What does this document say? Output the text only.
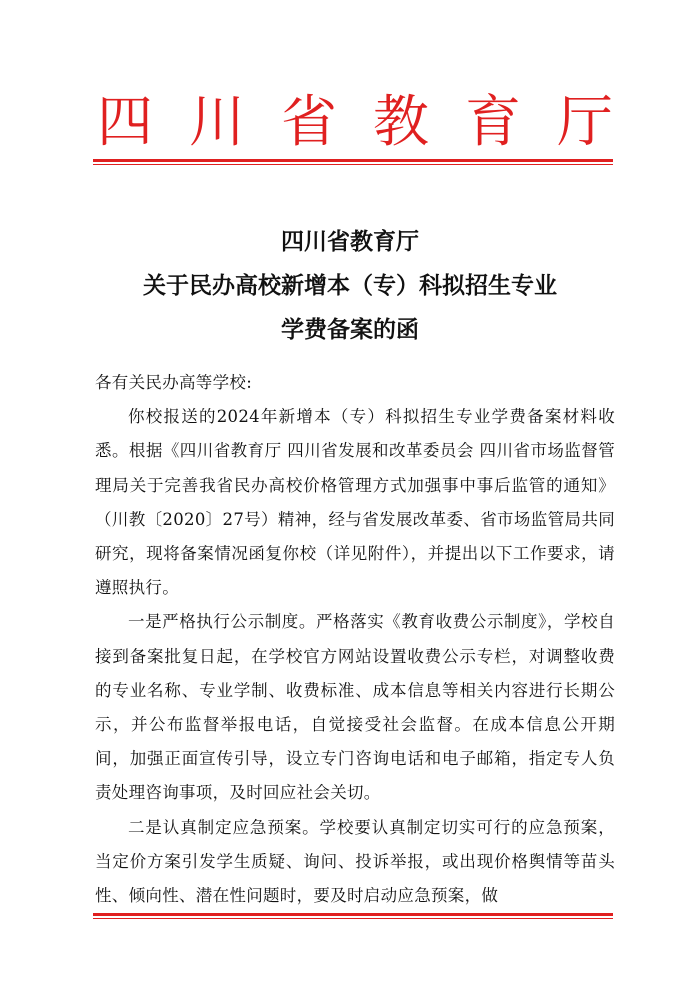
四 川 省 教 育 厅
四川省教育厅
关于民办高校新增本（专）科拟招生专业
学费备案的函

各有关民办高等学校:

你校报送的2024年新增本（专）科拟招生专业学费备案材料收悉。根据《四川省教育厅 四川省发展和改革委员会 四川省市场监督管理局关于完善我省民办高校价格管理方式加强事中事后监管的通知》（川教〔2020〕27号）精神，经与省发展改革委、省市场监管局共同研究，现将备案情况函复你校（详见附件），并提出以下工作要求，请遵照执行。

一是严格执行公示制度。严格落实《教育收费公示制度》，学校自接到备案批复日起，在学校官方网站设置收费公示专栏，对调整收费的专业名称、专业学制、收费标准、成本信息等相关内容进行长期公示，并公布监督举报电话，自觉接受社会监督。在成本信息公开期间，加强正面宣传引导，设立专门咨询电话和电子邮箱，指定专人负责处理咨询事项，及时回应社会关切。

二是认真制定应急预案。学校要认真制定切实可行的应急预案，当定价方案引发学生质疑、询问、投诉举报，或出现价格舆情等苗头性、倾向性、潜在性问题时，要及时启动应急预案，做
